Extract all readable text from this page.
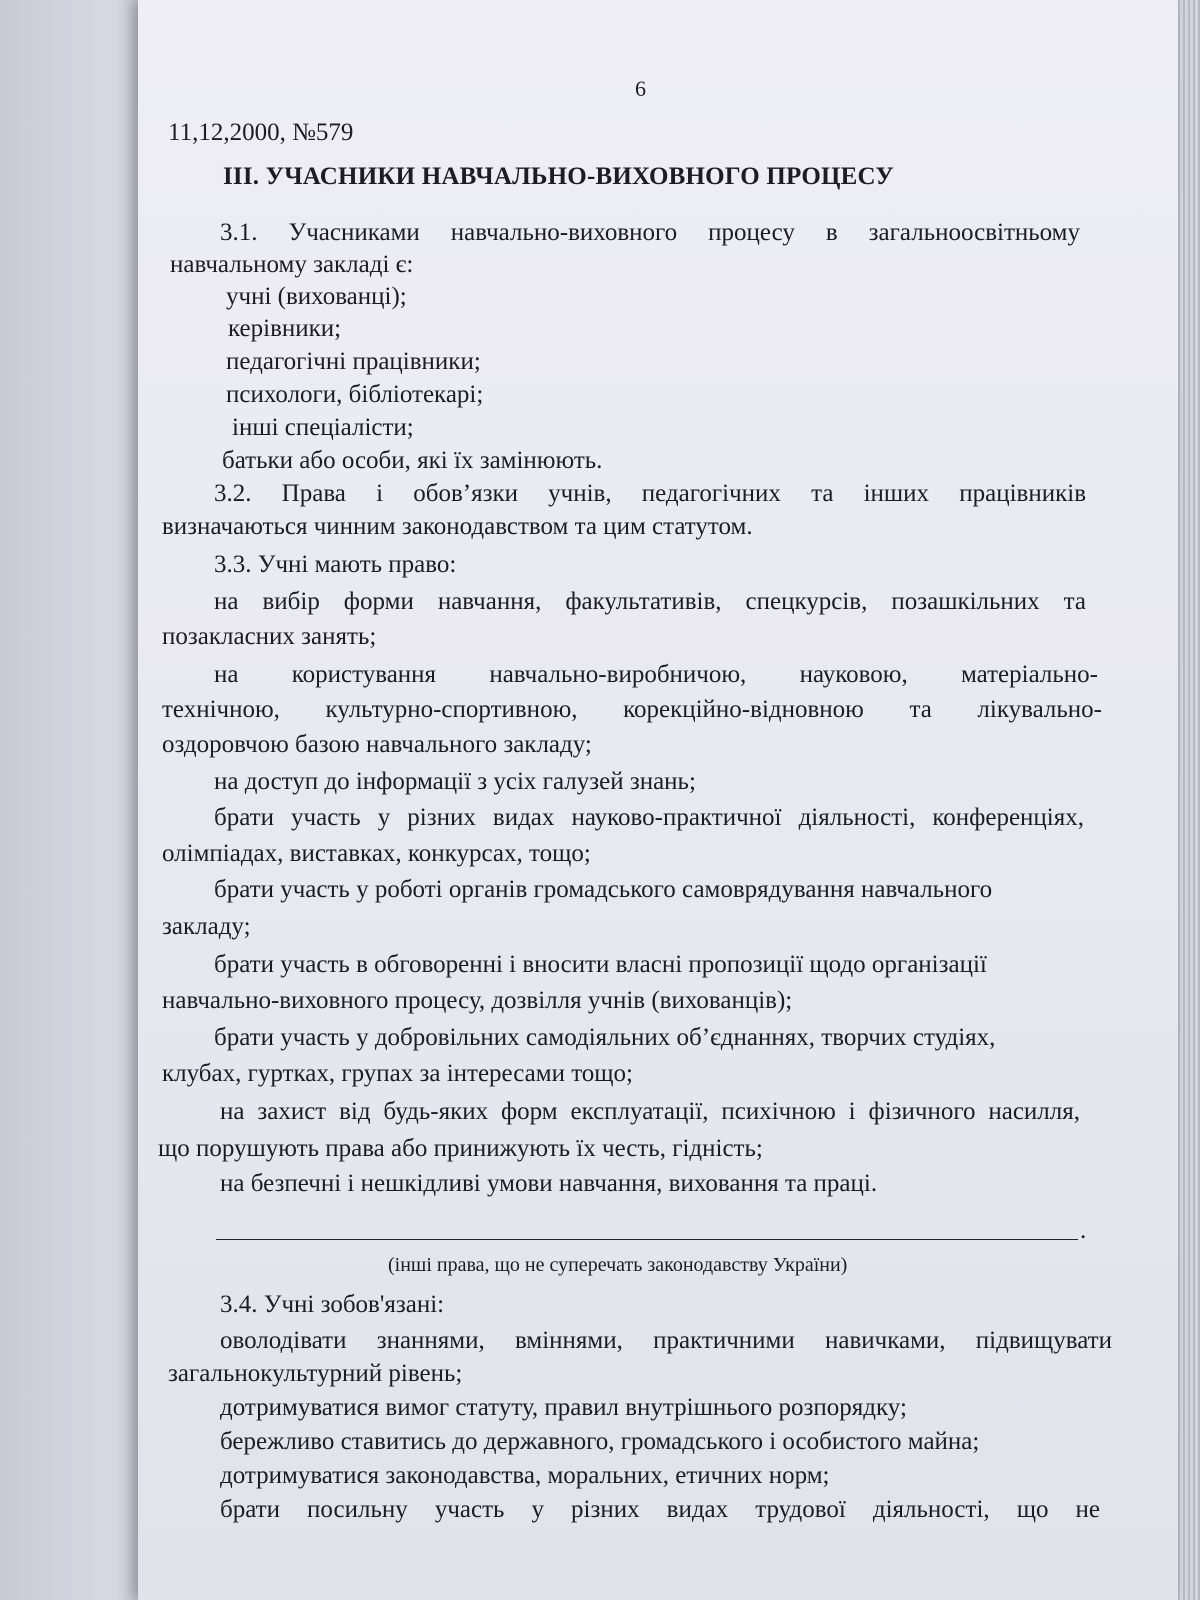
6
11,12,2000, №579
III. УЧАСНИКИ НАВЧАЛЬНО-ВИХОВНОГО ПРОЦЕСУ
3.1. Учасниками навчально-виховного процесу в загальноосвітньому
навчальному закладі є:
учні (вихованці);
керівники;
педагогічні працівники;
психологи, бібліотекарі;
інші спеціалісти;
батьки або особи, які їх замінюють.
3.2. Права і обов’язки учнів, педагогічних та інших працівників
визначаються чинним законодавством та цим статутом.
3.3. Учні мають право:
на вибір форми навчання, факультативів, спецкурсів, позашкільних та
позакласних занять;
на користування навчально-виробничою, науковою, матеріально-
технічною, культурно-спортивною, корекційно-відновною та лікувально-
оздоровчою базою навчального закладу;
на доступ до інформації з усіх галузей знань;
брати участь у різних видах науково-практичної діяльності, конференціях,
олімпіадах, виставках, конкурсах, тощо;
брати участь у роботі органів громадського самоврядування навчального
закладу;
брати участь в обговоренні і вносити власні пропозиції щодо організації
навчально-виховного процесу, дозвілля учнів (вихованців);
брати участь у добровільних самодіяльних об’єднаннях, творчих студіях,
клубах, гуртках, групах за інтересами тощо;
на захист від будь-яких форм експлуатації, психічною і фізичного насилля,
що порушують права або принижують їх честь, гідність;
на безпечні і нешкідливі умови навчання, виховання та праці.
.
(інші права, що не суперечать законодавству України)
3.4. Учні зобов'язані:
оволодівати знаннями, вміннями, практичними навичками, підвищувати
загальнокультурний рівень;
дотримуватися вимог статуту, правил внутрішнього розпорядку;
бережливо ставитись до державного, громадського і особистого майна;
дотримуватися законодавства, моральних, етичних норм;
брати посильну участь у різних видах трудової діяльності, що не
